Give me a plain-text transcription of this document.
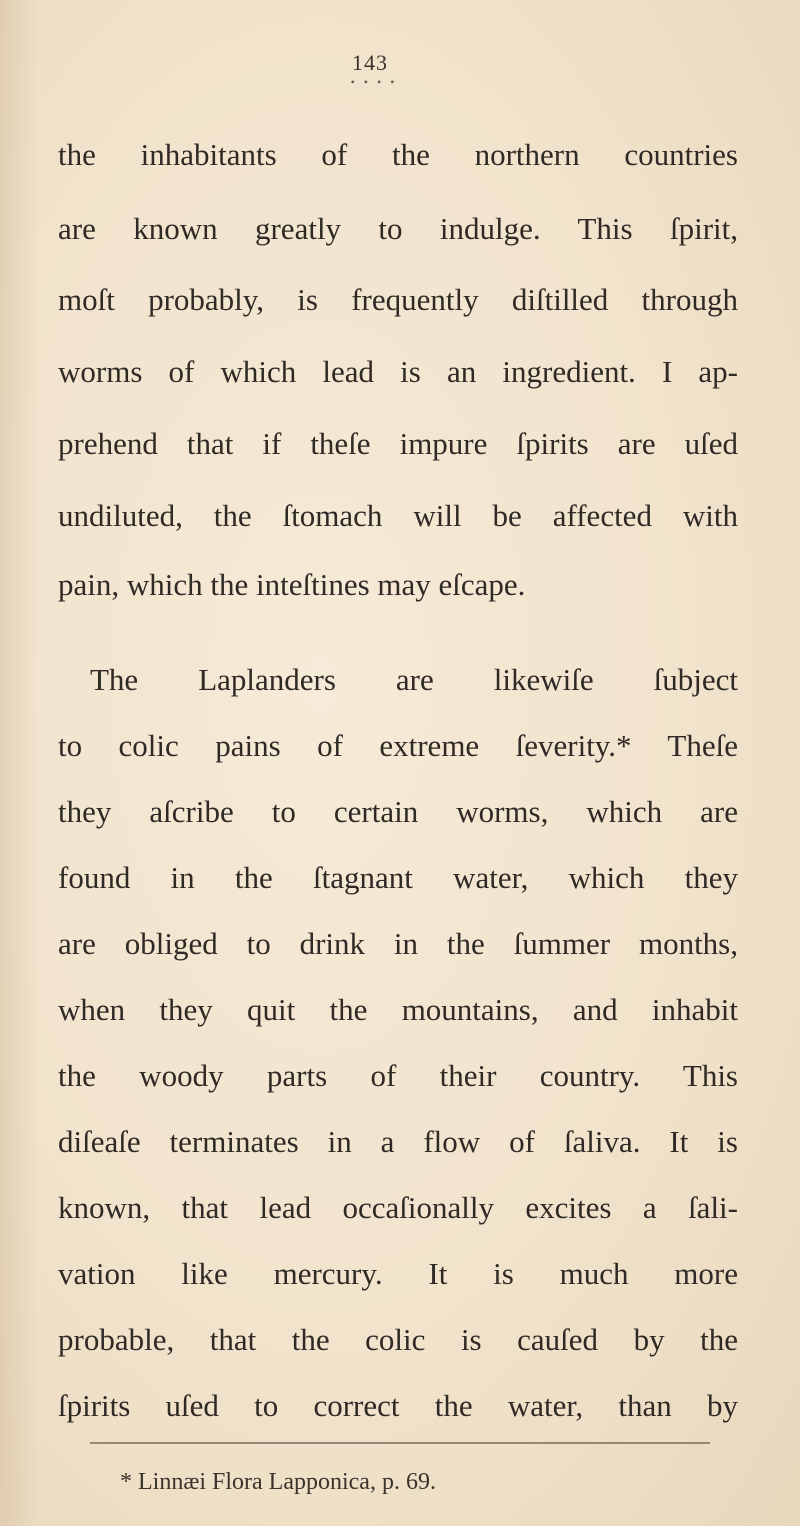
143
• • • •
the inhabitants of the northern countries
are known greatly to indulge. This ſpirit,
moſt probably, is frequently diſtilled through
worms of which lead is an ingredient. I ap-
prehend that if theſe impure ſpirits are uſed
undiluted, the ſtomach will be affected with
pain, which the inteſtines may eſcape.
The Laplanders are likewiſe ſubject
to colic pains of extreme ſeverity.* Theſe
they aſcribe to certain worms, which are
found in the ſtagnant water, which they
are obliged to drink in the ſummer months,
when they quit the mountains, and inhabit
the woody parts of their country. This
diſeaſe terminates in a flow of ſaliva. It is
known, that lead occaſionally excites a ſali-
vation like mercury. It is much more
probable, that the colic is cauſed by the
* Linnæi Flora Lapponica, p. 69.
ſpirits uſed to correct the water, than by
